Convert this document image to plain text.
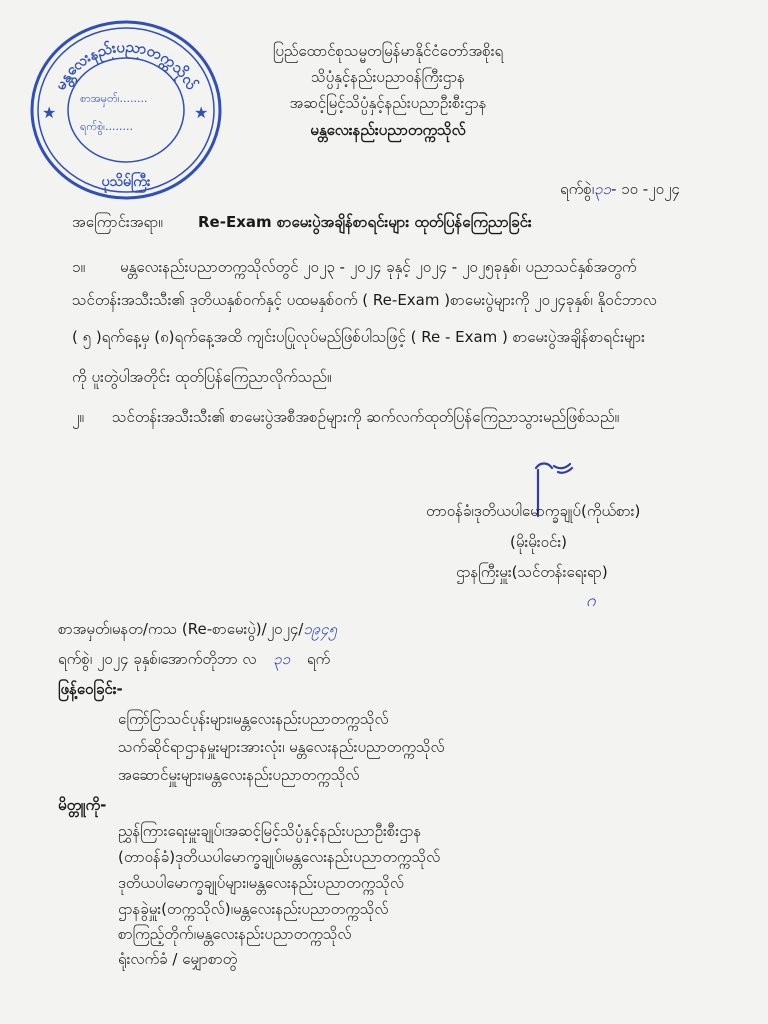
မန္တလေးနည်းပညာတက္ကသိုလ်
ပုသိမ်ကြီး
စာအမှတ်၊........
ရက်စွဲ၊........
★	★
ပြည်ထောင်စုသမ္မတမြန်မာနိုင်ငံတော်အစိုးရ
သိပ္ပံနှင့်နည်းပညာဝန်ကြီးဌာန
အဆင့်မြင့်သိပ္ပံနှင့်နည်းပညာဦးစီးဌာန
မန္တလေးနည်းပညာတက္ကသိုလ်
ရက်စွဲ၊၃၁- ၁၀ -၂၀၂၄
အကြောင်းအရာ။ Re-Exam စာမေးပွဲအချိန်စာရင်းများ ထုတ်ပြန်ကြေညာခြင်း
၁။ မန္တလေးနည်းပညာတက္ကသိုလ်တွင် ၂၀၂၃ - ၂၀၂၄ ခုနှင့် ၂၀၂၄ - ၂၀၂၅ခုနှစ်၊ ပညာသင်နှစ်အတွက်
သင်တန်းအသီးသီး၏ ဒုတိယနှစ်ဝက်နှင့် ပထမနှစ်ဝက် ( Re-Exam )စာမေးပွဲများကို ၂၀၂၄ခုနှစ်၊ နိုဝင်ဘာလ
( ၅ )ရက်နေ့မှ (၈)ရက်နေ့အထိ ကျင်းပပြုလုပ်မည်ဖြစ်ပါသဖြင့် ( Re - Exam ) စာမေးပွဲအချိန်စာရင်းများ
ကို ပူးတွဲပါအတိုင်း ထုတ်ပြန်ကြေညာလိုက်သည်။
၂။ သင်တန်းအသီးသီး၏ စာမေးပွဲအစီအစဉ်များကို ဆက်လက်ထုတ်ပြန်ကြေညာသွားမည်ဖြစ်သည်။
တာဝန်ခံ၊ဒုတိယပါမောက္ခချုပ်(ကိုယ်စား)
(မိုးမိုးဝင်း)
ဌာနကြီးမှူး(သင်တန်းရေးရာ)
ဂ
စာအမှတ်၊မနတ/ကသ (Re-စာမေးပွဲ)/၂၀၂၄/၁၉၄၅
ရက်စွဲ၊ ၂၀၂၄ ခုနှစ်၊အောက်တိုဘာ လ ၃၁ ရက်
ဖြန့်ဝေခြင်း-
ကြော်ငြာသင်ပုန်းများ၊မန္တလေးနည်းပညာတက္ကသိုလ်
သက်ဆိုင်ရာဌာနမှူးများအားလုံး၊ မန္တလေးနည်းပညာတက္ကသိုလ်
အဆောင်မှူးများ၊မန္တလေးနည်းပညာတက္ကသိုလ်
မိတ္တူကို-
ညွှန်ကြားရေးမှူးချုပ်၊အဆင့်မြင့်သိပ္ပံနှင့်နည်းပညာဦးစီးဌာန
(တာဝန်ခံ)ဒုတိယပါမောက္ခချုပ်၊မန္တလေးနည်းပညာတက္ကသိုလ်
ဒုတိယပါမောက္ခချုပ်များ၊မန္တလေးနည်းပညာတက္ကသိုလ်
ဌာနခွဲမှူး(တက္ကသိုလ်)၊မန္တလေးနည်းပညာတက္ကသိုလ်
စာကြည့်တိုက်၊မန္တလေးနည်းပညာတက္ကသိုလ်
ရုံးလက်ခံ / မျှောစာတွဲ
